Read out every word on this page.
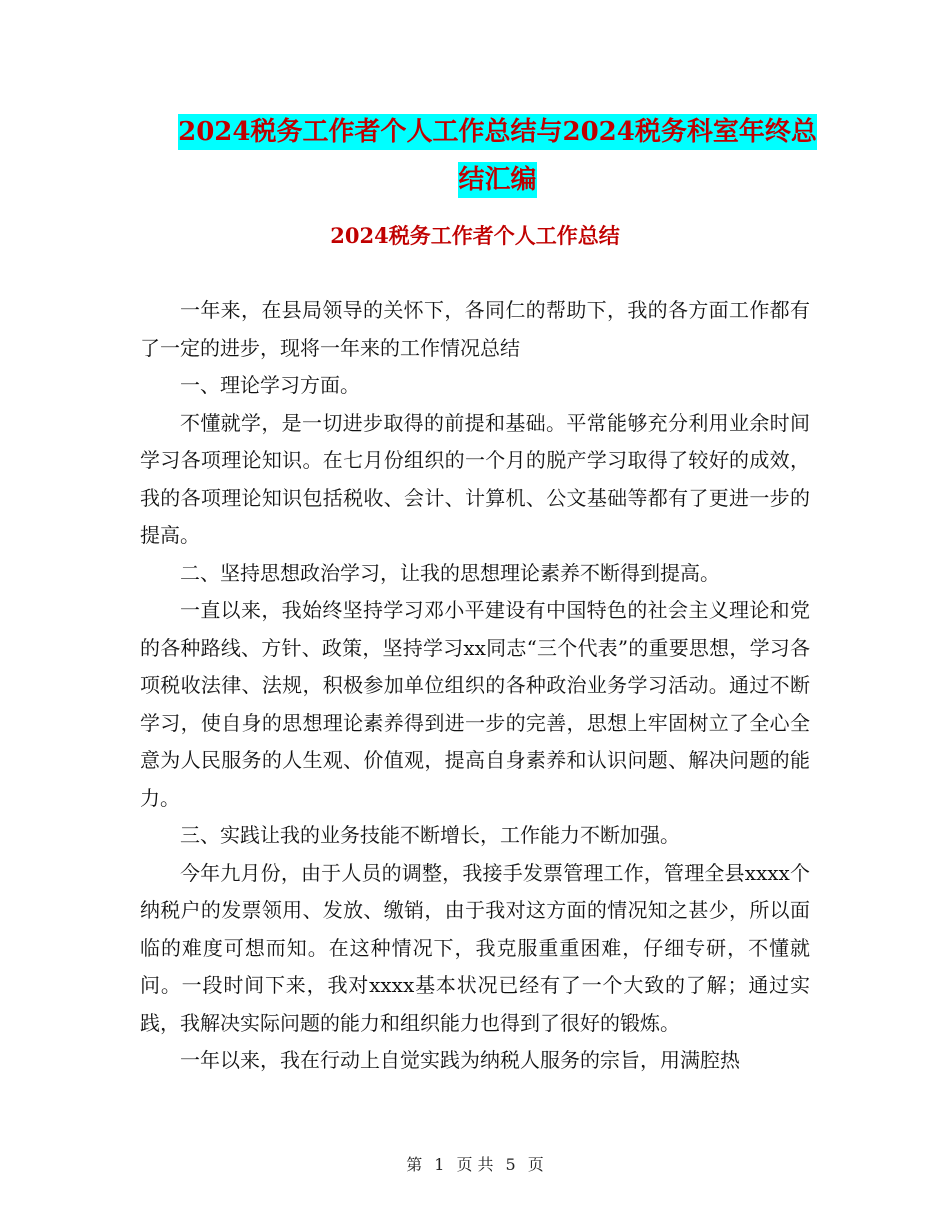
2024税务工作者个人工作总结与2024税务科室年终总
结汇编
2024税务工作者个人工作总结

一年来，在县局领导的关怀下，各同仁的帮助下，我的各方面工作都有了一定的进步，现将一年来的工作情况总结

一、理论学习方面。

不懂就学，是一切进步取得的前提和基础。平常能够充分利用业余时间学习各项理论知识。在七月份组织的一个月的脱产学习取得了较好的成效，我的各项理论知识包括税收、会计、计算机、公文基础等都有了更进一步的提高。

二、坚持思想政治学习，让我的思想理论素养不断得到提高。

一直以来，我始终坚持学习邓小平建设有中国特色的社会主义理论和党的各种路线、方针、政策，坚持学习xx同志“三个代表”的重要思想，学习各项税收法律、法规，积极参加单位组织的各种政治业务学习活动。通过不断学习，使自身的思想理论素养得到进一步的完善，思想上牢固树立了全心全意为人民服务的人生观、价值观，提高自身素养和认识问题、解决问题的能力。

三、实践让我的业务技能不断增长，工作能力不断加强。

今年九月份，由于人员的调整，我接手发票管理工作，管理全县xxxx个纳税户的发票领用、发放、缴销，由于我对这方面的情况知之甚少，所以面临的难度可想而知。在这种情况下，我克服重重困难，仔细专研，不懂就问。一段时间下来，我对xxxx基本状况已经有了一个大致的了解；通过实践，我解决实际问题的能力和组织能力也得到了很好的锻炼。

一年以来，我在行动上自觉实践为纳税人服务的宗旨，用满腔热

第 1 页 共 5 页
